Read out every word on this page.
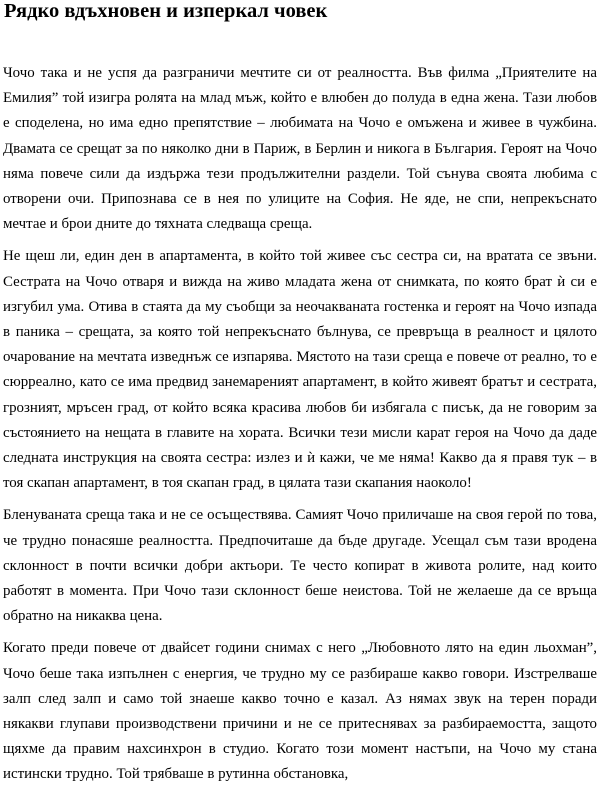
Рядко вдъхновен и изперкал човек

Чочо така и не успя да разграничи мечтите си от реалността. Във филма „Приятелите на Емилия” той изигра ролята на млад мъж, който е влюбен до полуда в една жена. Тази любов е споделена, но има едно препятствие – любимата на Чочо е омъжена и живее в чужбина. Двамата се срещат за по няколко дни в Париж, в Берлин и никога в България. Героят на Чочо няма повече сили да издържа тези продължителни раздели. Той сънува своята любима с отворени очи. Припознава се в нея по улиците на София. Не яде, не спи, непрекъснато мечтае и брои дните до тяхната следваща среща.

Не щеш ли, един ден в апартамента, в който той живее със сестра си, на вратата се звъни. Сестрата на Чочо отваря и вижда на живо младата жена от снимката, по която брат ѝ си е изгубил ума. Отива в стаята да му съобщи за неочакваната гостенка и героят на Чочо изпада в паника – срещата, за която той непрекъснато бълнува, се превръща в реалност и цялото очарование на мечтата изведнъж се изпарява. Мястото на тази среща е повече от реално, то е сюрреално, като се има предвид занемареният апартамент, в който живеят братът и сестрата, грозният, мръсен град, от който всяка красива любов би избягала с писък, да не говорим за състоянието на нещата в главите на хората. Всички тези мисли карат героя на Чочо да даде следната инструкция на своята сестра: излез и ѝ кажи, че ме няма! Какво да я правя тук – в тоя скапан апартамент, в тоя скапан град, в цялата тази скапания наоколо!

Бленуваната среща така и не се осъществява. Самият Чочо приличаше на своя герой по това, че трудно понасяше реалността. Предпочиташе да бъде другаде. Усещал съм тази вродена склонност в почти всички добри актьори. Те често копират в живота ролите, над които работят в момента. При Чочо тази склонност беше неистова. Той не желаеше да се връща обратно на никаква цена.

Когато преди повече от двайсет години снимах с него „Любовното лято на един льохман”, Чочо беше така изпълнен с енергия, че трудно му се разбираше какво говори. Изстрелваше залп след залп и само той знаеше какво точно е казал. Аз нямах звук на терен поради някакви глупави производствени причини и не се притеснявах за разбираемостта, защото щяхме да правим нахсинхрон в студио. Когато този момент настъпи, на Чочо му стана истински трудно. Той трябваше в рутинна обстановка,
